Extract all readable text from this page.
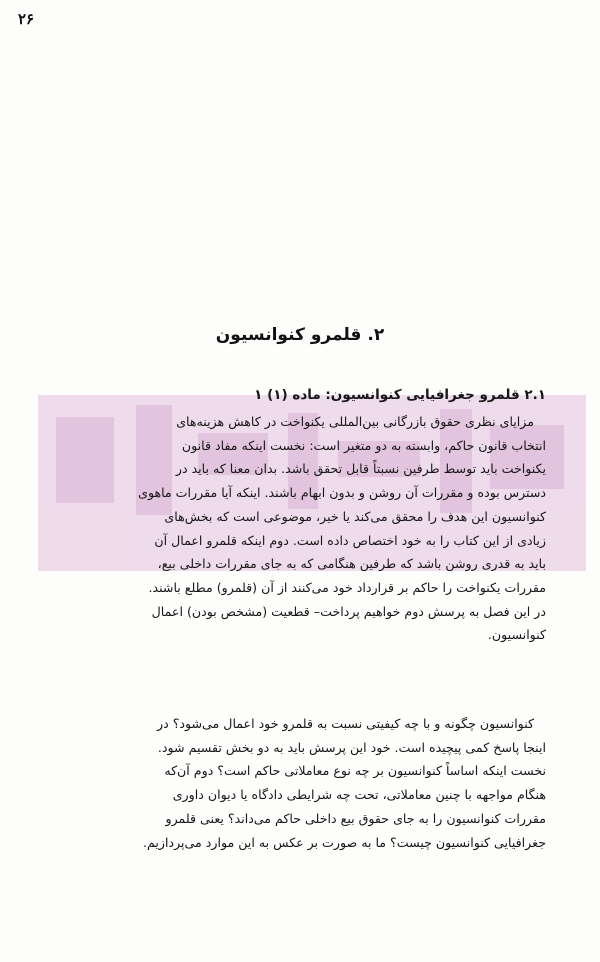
۲۶
۲. قلمرو کنوانسیون
۲.۱ قلمرو جغرافیایی کنوانسیون: ماده (۱) ۱
مزایای نظری حقوق بازرگانی بین‌المللی یکنواخت در کاهش هزینه‌های
انتخاب قانون حاکم، وابسته به دو متغیر است: نخست اینکه مفاد قانون
یکنواخت باید توسط طرفین نسبتاً قابل تحقق باشد. بدان معنا که باید در
دسترس بوده و مقررات آن روشن و بدون ابهام باشند. اینکه آیا مقررات ماهوی
کنوانسیون این هدف را محقق می‌کند یا خیر، موضوعی است که بخش‌های
زیادی از این کتاب را به خود اختصاص داده است. دوم اینکه قلمرو اعمال آن
باید به قدری روشن باشد که طرفین هنگامی که به جای مقررات داخلی بیع،
مقررات یکنواخت را حاکم بر قرارداد خود می‌کنند از آن (قلمرو) مطلع باشند.
در این فصل به پرسش دوم خواهیم پرداخت– قطعیت (مشخص بودن) اعمال
کنوانسیون.
کنوانسیون چگونه و با چه کیفیتی نسبت به قلمرو خود اعمال می‌شود؟ در
اینجا پاسخ کمی پیچیده است. خود این پرسش باید به دو بخش تقسیم شود.
نخست اینکه اساساً کنوانسیون بر چه نوع معاملاتی حاکم است؟ دوم آن‌که
هنگام مواجهه با چنین معاملاتی، تحت چه شرایطی دادگاه یا دیوان داوری
مقررات کنوانسیون را به جای حقوق بیع داخلی حاکم می‌داند؟ یعنی قلمرو
جغرافیایی کنوانسیون چیست؟ ما به صورت بر عکس به این موارد می‌پردازیم.
